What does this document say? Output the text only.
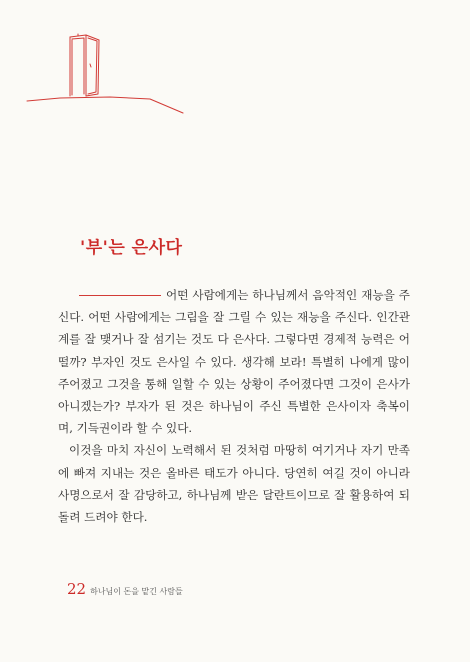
'부'는 은사다

어떤 사람에게는 하나님께서 음악적인 재능을 주신다. 어떤 사람에게는 그림을 잘 그릴 수 있는 재능을 주신다. 인간관계를 잘 맺거나 잘 섬기는 것도 다 은사다. 그렇다면 경제적 능력은 어떨까? 부자인 것도 은사일 수 있다. 생각해 보라! 특별히 나에게 많이 주어졌고 그것을 통해 일할 수 있는 상황이 주어졌다면 그것이 은사가 아니겠는가? 부자가 된 것은 하나님이 주신 특별한 은사이자 축복이며, 기득권이라 할 수 있다.

이것을 마치 자신이 노력해서 된 것처럼 마땅히 여기거나 자기 만족에 빠져 지내는 것은 올바른 태도가 아니다. 당연히 여길 것이 아니라 사명으로서 잘 감당하고, 하나님께 받은 달란트이므로 잘 활용하여 되돌려 드려야 한다.

22 하나님이 돈을 맡긴 사람들
